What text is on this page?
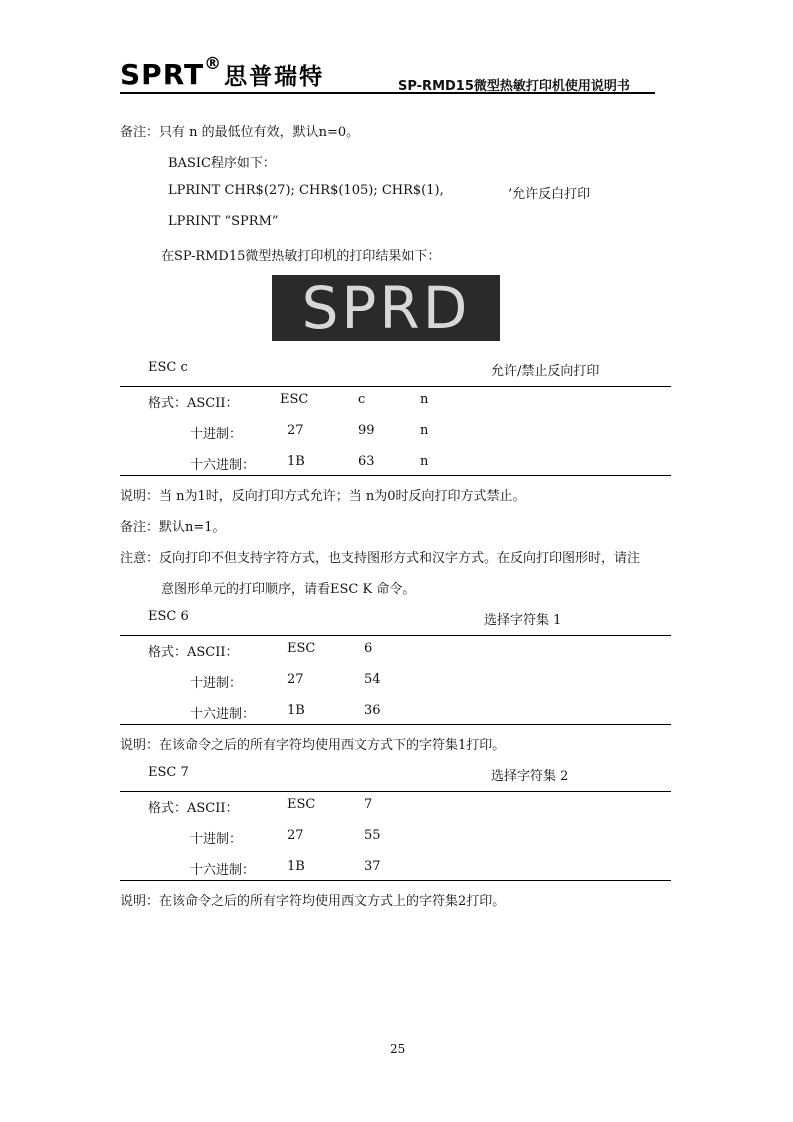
SPRT®思普瑞特	SP-RMD15微型热敏打印机使用说明书
备注：只有 n 的最低位有效，默认n=0。
BASIC程序如下：
LPRINT CHR$(27); CHR$(105); CHR$(1),	’允许反白打印
LPRINT “SPRM”
在SP-RMD15微型热敏打印机的打印结果如下：
SPRD
ESC c	允许/禁止反向打印
格式：ASCII：	ESC	c	n
十进制：	27	99	n
十六进制： 1B	63	n
说明：当 n为1时，反向打印方式允许；当 n为0时反向打印方式禁止。
备注：默认n=1。
注意：反向打印不但支持字符方式，也支持图形方式和汉字方式。在反向打印图形时，请注
意图形单元的打印顺序，请看ESC K 命令。
ESC 6	选择字符集 1
格式：ASCII：	ESC	6
十进制：	27	54
十六进制： 1B	36
说明：在该命令之后的所有字符均使用西文方式下的字符集1打印。
ESC 7	选择字符集 2
格式：ASCII：	ESC	7
十进制：	27	55
十六进制： 1B	37
说明：在该命令之后的所有字符均使用西文方式上的字符集2打印。
25
